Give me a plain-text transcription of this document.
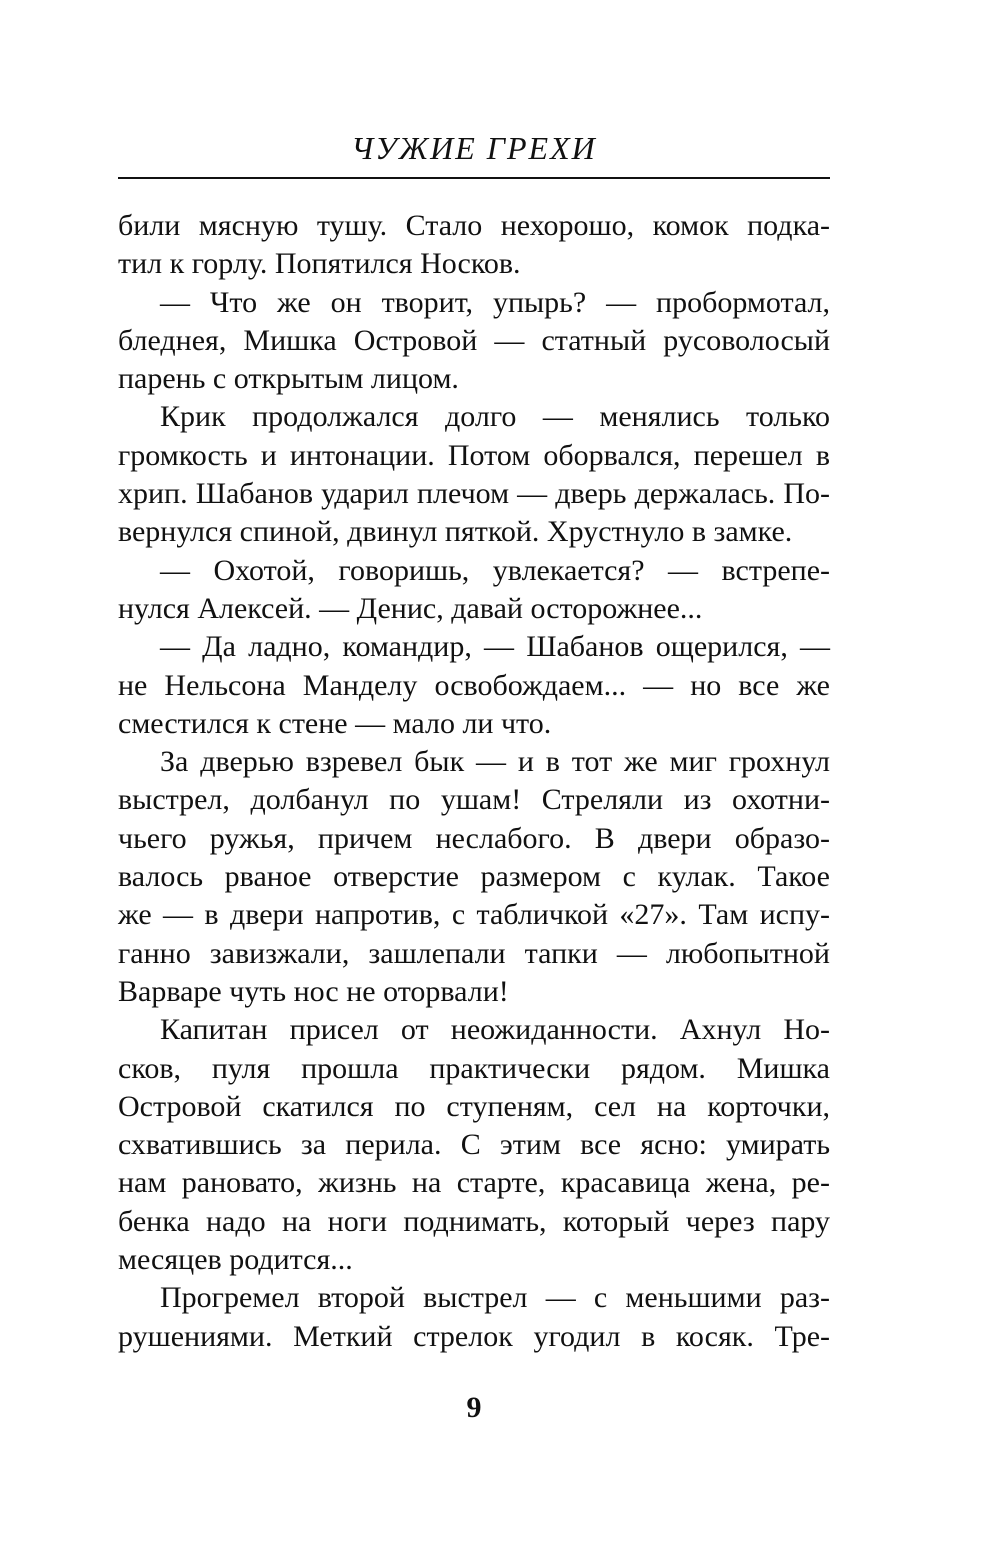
ЧУЖИЕ ГРЕХИ

били мясную тушу. Стало нехорошо, комок подка-

тил к горлу. Попятился Носков.

— Что же он творит, упырь? — пробормотал,

бледнея, Мишка Островой — статный русоволосый

парень с открытым лицом.

Крик продолжался долго — менялись только

громкость и интонации. Потом оборвался, перешел в

хрип. Шабанов ударил плечом — дверь держалась. По-

вернулся спиной, двинул пяткой. Хрустнуло в замке.

— Охотой, говоришь, увлекается? — встрепе-

нулся Алексей. — Денис, давай осторожнее...

— Да ладно, командир, — Шабанов ощерился, —

не Нельсона Манделу освобождаем... — но все же

сместился к стене — мало ли что.

За дверью взревел бык — и в тот же миг грохнул

выстрел, долбанул по ушам! Стреляли из охотни-

чьего ружья, причем неслабого. В двери образо-

валось рваное отверстие размером с кулак. Такое

же — в двери напротив, с табличкой «27». Там испу-

ганно завизжали, зашлепали тапки — любопытной

Варваре чуть нос не оторвали!

Капитан присел от неожиданности. Ахнул Но-

сков, пуля прошла практически рядом. Мишка

Островой скатился по ступеням, сел на корточки,

схватившись за перила. С этим все ясно: умирать

нам рановато, жизнь на старте, красавица жена, ре-

бенка надо на ноги поднимать, который через пару

месяцев родится...

Прогремел второй выстрел — с меньшими раз-

рушениями. Меткий стрелок угодил в косяк. Тре-

9
